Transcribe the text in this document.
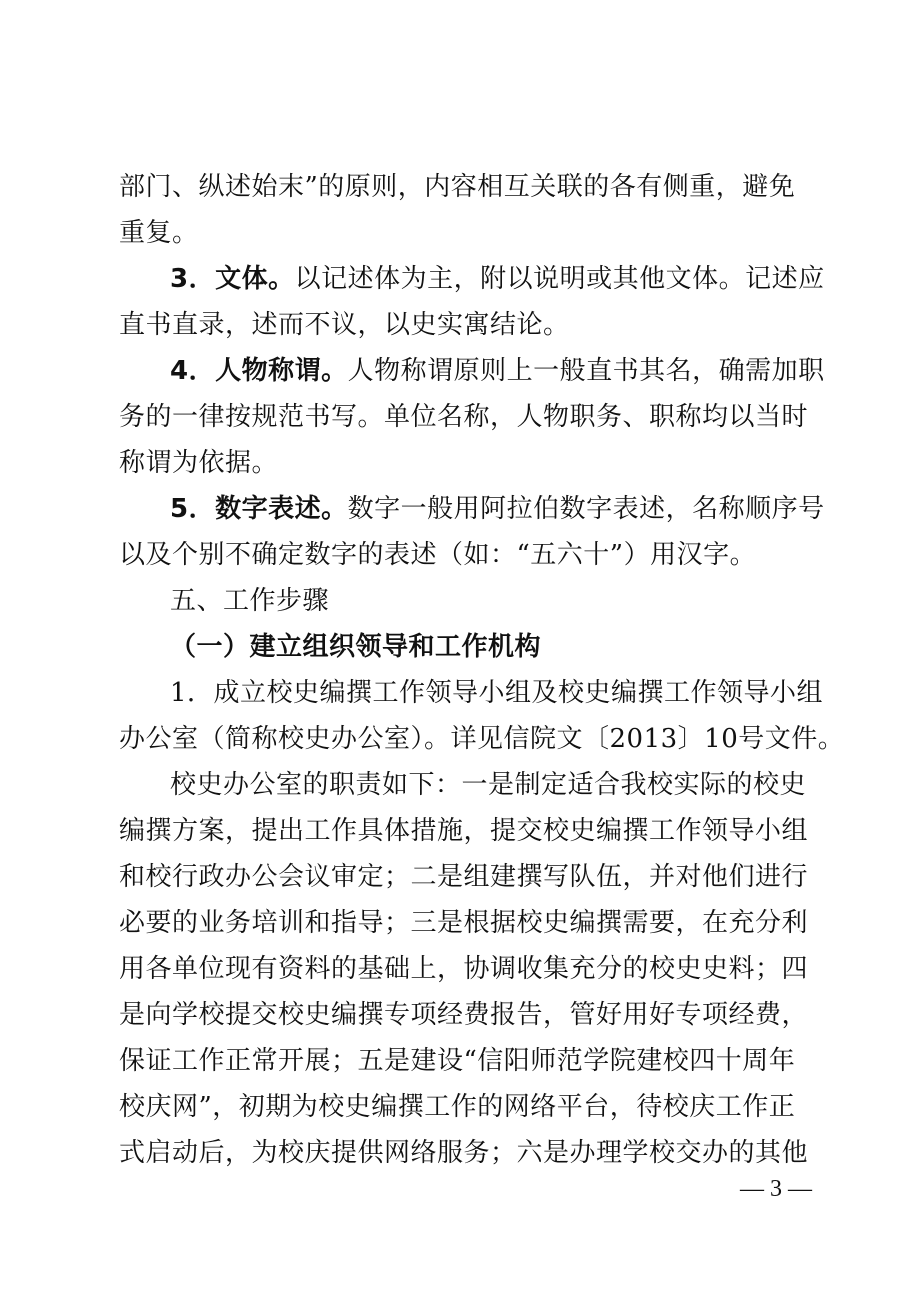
部门、纵述始末”的原则，内容相互关联的各有侧重，避免
重复。
3．文体。以记述体为主，附以说明或其他文体。记述应
直书直录，述而不议，以史实寓结论。
4．人物称谓。人物称谓原则上一般直书其名，确需加职
务的一律按规范书写。单位名称，人物职务、职称均以当时
称谓为依据。
5．数字表述。数字一般用阿拉伯数字表述，名称顺序号
以及个别不确定数字的表述（如：“五六十”）用汉字。
五、工作步骤
（一）建立组织领导和工作机构
1．成立校史编撰工作领导小组及校史编撰工作领导小组
办公室（简称校史办公室）。详见信院文〔2013〕10号文件。
校史办公室的职责如下：一是制定适合我校实际的校史
编撰方案，提出工作具体措施，提交校史编撰工作领导小组
和校行政办公会议审定；二是组建撰写队伍，并对他们进行
必要的业务培训和指导；三是根据校史编撰需要，在充分利
用各单位现有资料的基础上，协调收集充分的校史史料；四
是向学校提交校史编撰专项经费报告，管好用好专项经费，
保证工作正常开展；五是建设“信阳师范学院建校四十周年
校庆网”，初期为校史编撰工作的网络平台，待校庆工作正
式启动后，为校庆提供网络服务；六是办理学校交办的其他
— 3 —
